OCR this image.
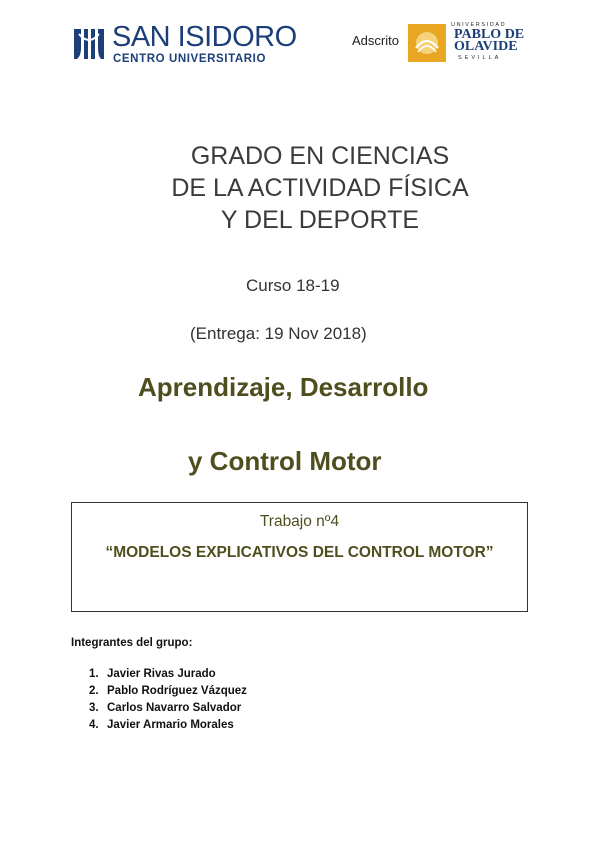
SAN ISIDORO
CENTRO UNIVERSITARIO
Adscrito
UNIVERSIDAD
PABLO DE
OLAVIDE
SEVILLA
GRADO EN CIENCIAS
DE LA ACTIVIDAD FÍSICA
Y DEL DEPORTE
Curso 18-19
(Entrega: 19 Nov 2018)
Aprendizaje, Desarrollo
y Control Motor
Trabajo nº4
“MODELOS EXPLICATIVOS DEL CONTROL MOTOR”
Integrantes del grupo:
1. Javier Rivas Jurado
2. Pablo Rodríguez Vázquez
3. Carlos Navarro Salvador
4. Javier Armario Morales
